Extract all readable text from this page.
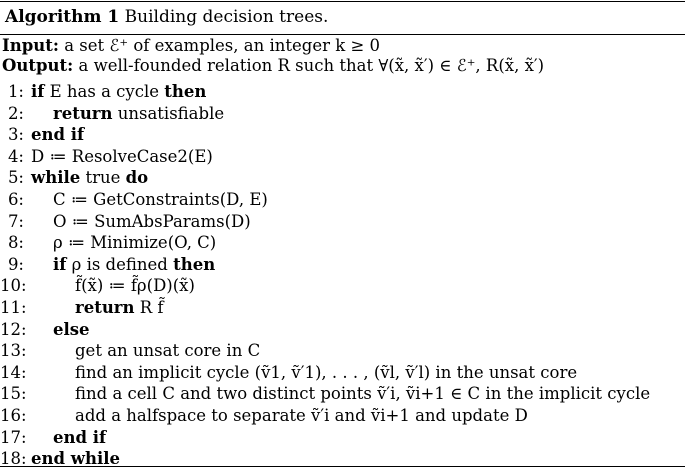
Algorithm 1 Building decision trees.
Input: a set ℰ⁺ of examples, an integer k ≥ 0
Output: a well-founded relation R such that ∀(x̃, x̃′) ∈ ℰ⁺, R(x̃, x̃′)
1: if E has a cycle then
2: return unsatisfiable
3: end if
4: D ≔ ResolveCase2(E)
5: while true do
6: C ≔ GetConstraints(D, E)
7: O ≔ SumAbsParams(D)
8: ρ ≔ Minimize(O, C)
9: if ρ is defined then
10:	f̃(x̃) ≔ f̃ρ(D)(x̃)
11:	return R f̃
12: else
13:	get an unsat core in C
14:	find an implicit cycle (ṽ1, ṽ′1), . . . , (ṽl, ṽ′l) in the unsat core
15:	find a cell C and two distinct points ṽ′i, ṽi+1 ∈ C in the implicit cycle
16:	add a halfspace to separate ṽ′i and ṽi+1 and update D
17: end if
18: end while
